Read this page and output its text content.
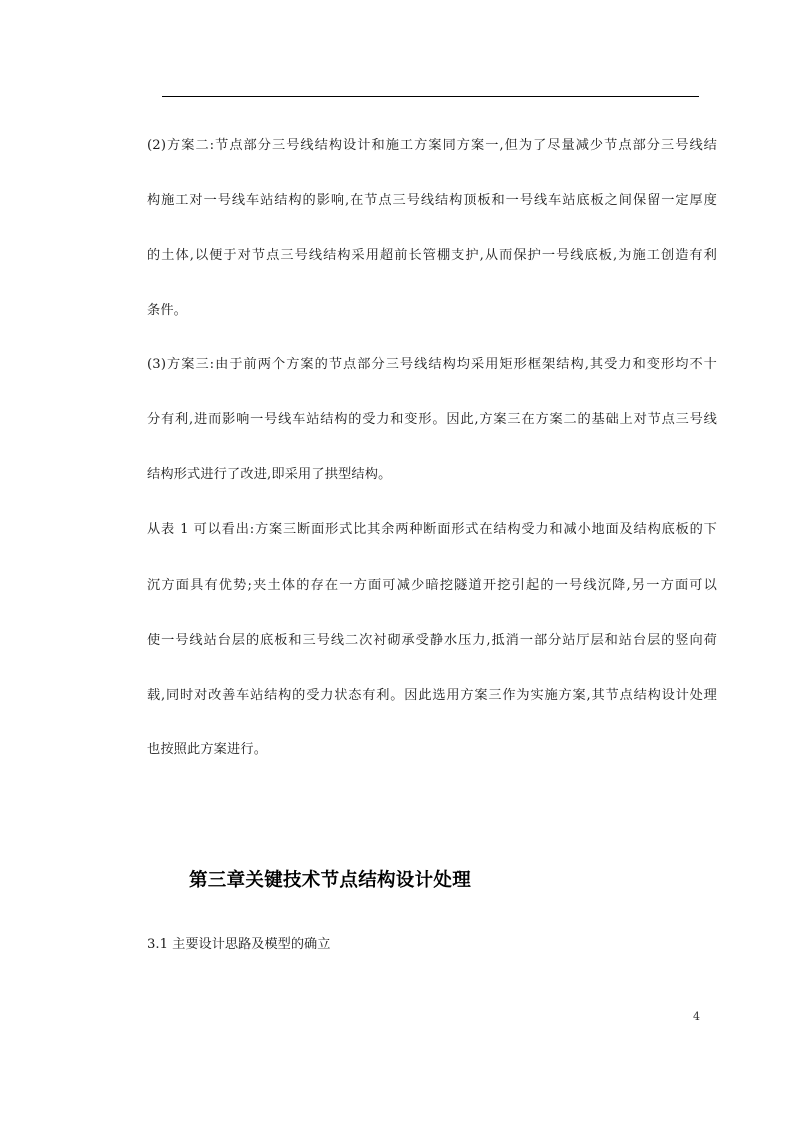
(2)方案二:节点部分三号线结构设计和施工方案同方案一,但为了尽量减少节点部分三号线结
构施工对一号线车站结构的影响,在节点三号线结构顶板和一号线车站底板之间保留一定厚度
的土体,以便于对节点三号线结构采用超前长管棚支护,从而保护一号线底板,为施工创造有利
条件。
(3)方案三:由于前两个方案的节点部分三号线结构均采用矩形框架结构,其受力和变形均不十
分有利,进而影响一号线车站结构的受力和变形。因此,方案三在方案二的基础上对节点三号线
结构形式进行了改进,即采用了拱型结构。
从表 1 可以看出:方案三断面形式比其余两种断面形式在结构受力和减小地面及结构底板的下
沉方面具有优势;夹土体的存在一方面可减少暗挖隧道开挖引起的一号线沉降,另一方面可以
使一号线站台层的底板和三号线二次衬砌承受静水压力,抵消一部分站厅层和站台层的竖向荷
载,同时对改善车站结构的受力状态有利。因此选用方案三作为实施方案,其节点结构设计处理
也按照此方案进行。
第三章关键技术节点结构设计处理
3.1 主要设计思路及模型的确立
4
